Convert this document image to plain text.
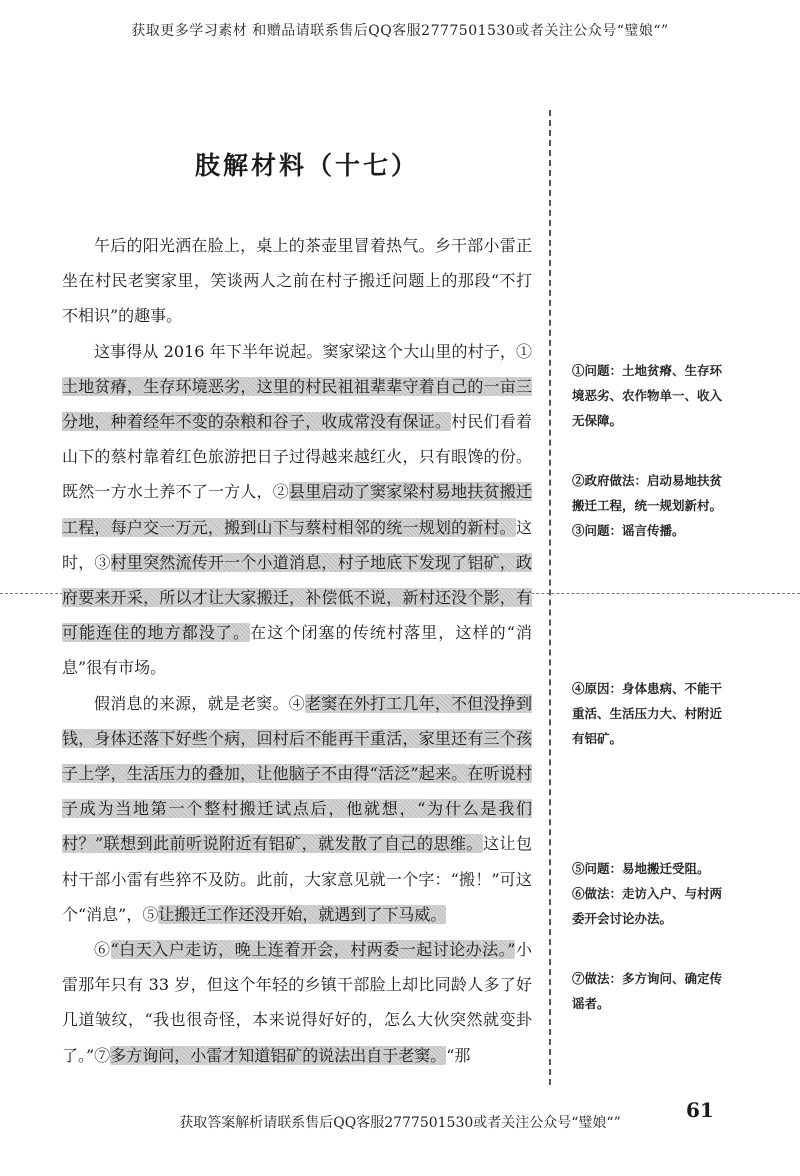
获取更多学习素材 和赠品请联系售后QQ客服2777501530或者关注公众号“璧娘“”
肢解材料（十七）

午后的阳光洒在脸上，桌上的茶壶里冒着热气。乡干部小雷正坐在村民老窦家里，笑谈两人之前在村子搬迁问题上的那段“不打不相识”的趣事。

这事得从 2016 年下半年说起。窦家梁这个大山里的村子，①土地贫瘠，生存环境恶劣，这里的村民祖祖辈辈守着自己的一亩三分地，种着经年不变的杂粮和谷子，收成常没有保证。村民们看着山下的蔡村靠着红色旅游把日子过得越来越红火，只有眼馋的份。既然一方水土养不了一方人，②县里启动了窦家梁村易地扶贫搬迁工程，每户交一万元，搬到山下与蔡村相邻的统一规划的新村。这时，③村里突然流传开一个小道消息，村子地底下发现了铝矿，政府要来开采，所以才让大家搬迁，补偿低不说，新村还没个影，有可能连住的地方都没了。在这个闭塞的传统村落里，这样的“消息”很有市场。

假消息的来源，就是老窦。④老窦在外打工几年，不但没挣到钱，身体还落下好些个病，回村后不能再干重活，家里还有三个孩子上学，生活压力的叠加，让他脑子不由得“活泛”起来。在听说村子成为当地第一个整村搬迁试点后，他就想，“为什么是我们村？”联想到此前听说附近有铝矿，就发散了自己的思维。这让包村干部小雷有些猝不及防。此前，大家意见就一个字：“搬！”可这个“消息”，⑤让搬迁工作还没开始，就遇到了下马威。

⑥“白天入户走访，晚上连着开会，村两委一起讨论办法。”小雷那年只有 33 岁，但这个年轻的乡镇干部脸上却比同龄人多了好几道皱纹，“我也很奇怪，本来说得好好的，怎么大伙突然就变卦了。”⑦多方询问，小雷才知道铝矿的说法出自于老窦。“那

①问题：土地贫瘠、生存环境恶劣、农作物单一、收入无保障。

②政府做法：启动易地扶贫搬迁工程，统一规划新村。

③问题：谣言传播。

④原因：身体患病、不能干重活、生活压力大、村附近有铝矿。

⑤问题：易地搬迁受阻。

⑥做法：走访入户、与村两委开会讨论办法。

⑦做法：多方询问、确定传谣者。

61
获取答案解析请联系售后QQ客服2777501530或者关注公众号“璧娘“”
